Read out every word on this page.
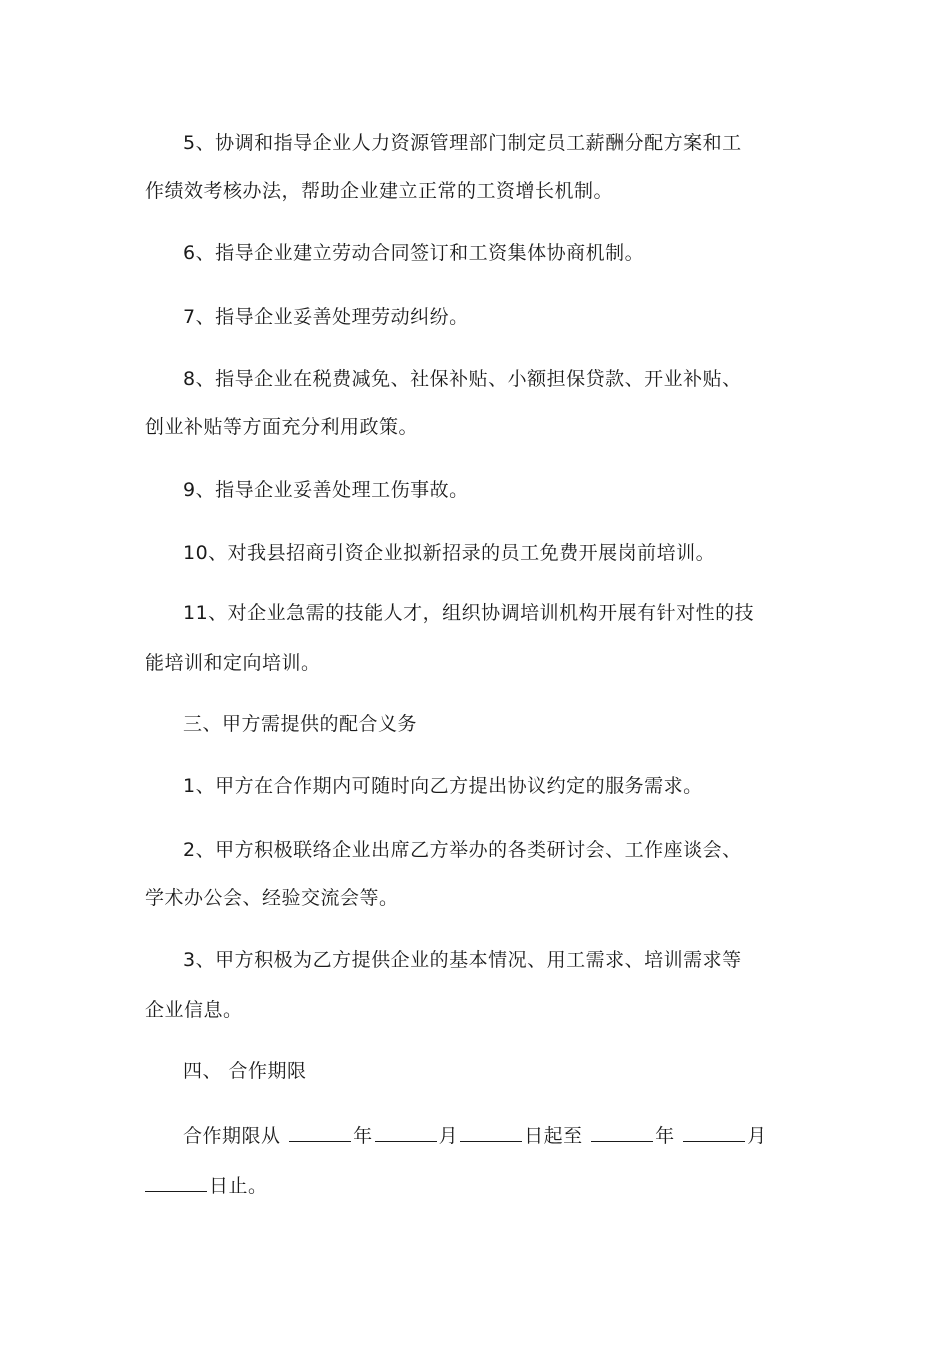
5、协调和指导企业人力资源管理部门制定员工薪酬分配方案和工
作绩效考核办法，帮助企业建立正常的工资增长机制。
6、指导企业建立劳动合同签订和工资集体协商机制。
7、指导企业妥善处理劳动纠纷。
8、指导企业在税费减免、社保补贴、小额担保贷款、开业补贴、
创业补贴等方面充分利用政策。
9、指导企业妥善处理工伤事故。
10、对我县招商引资企业拟新招录的员工免费开展岗前培训。
11、对企业急需的技能人才，组织协调培训机构开展有针对性的技
能培训和定向培训。
三、甲方需提供的配合义务
1、甲方在合作期内可随时向乙方提出协议约定的服务需求。
2、甲方积极联络企业出席乙方举办的各类研讨会、工作座谈会、
学术办公会、经验交流会等。
3、甲方积极为乙方提供企业的基本情况、用工需求、培训需求等
企业信息。
四、 合作期限
合作期限从	年	月	日起至	年	月
日止。
